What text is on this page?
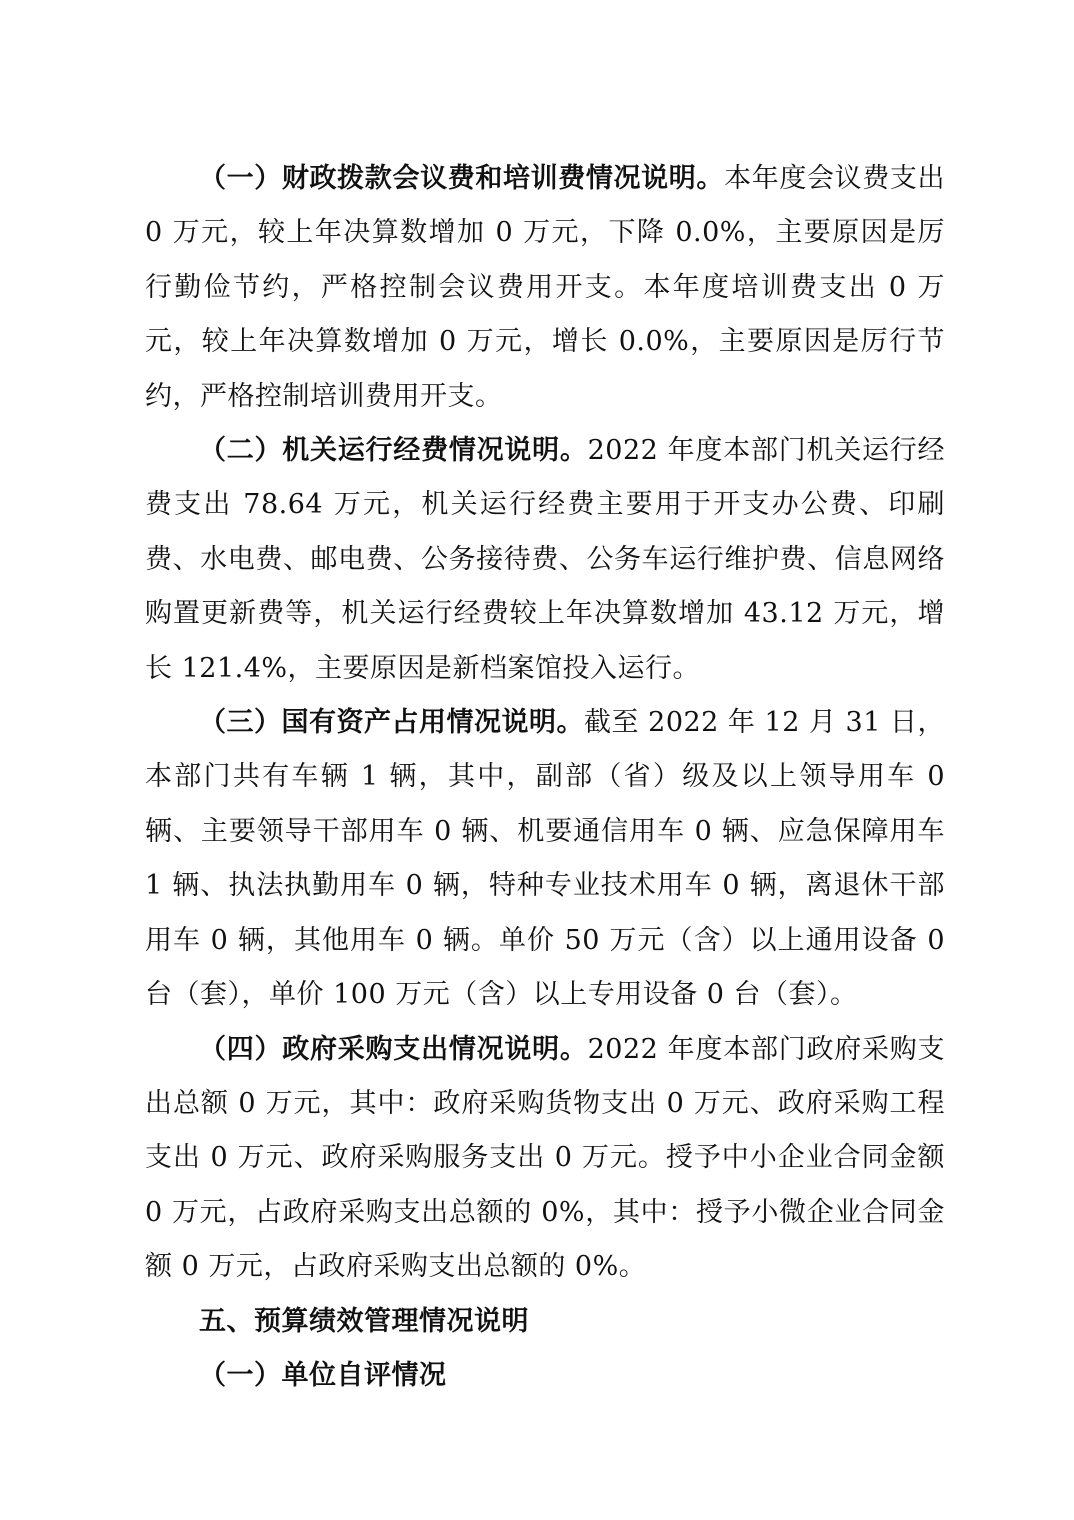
（一）财政拨款会议费和培训费情况说明。本年度会议费支出 0 万元，较上年决算数增加 0 万元，下降 0.0%，主要原因是厉行勤俭节约，严格控制会议费用开支。本年度培训费支出 0 万元，较上年决算数增加 0 万元，增长 0.0%，主要原因是厉行节约，严格控制培训费用开支。

（二）机关运行经费情况说明。2022 年度本部门机关运行经费支出 78.64 万元，机关运行经费主要用于开支办公费、印刷费、水电费、邮电费、公务接待费、公务车运行维护费、信息网络购置更新费等，机关运行经费较上年决算数增加 43.12 万元，增长 121.4%，主要原因是新档案馆投入运行。

（三）国有资产占用情况说明。截至 2022 年 12 月 31 日，本部门共有车辆 1 辆，其中，副部（省）级及以上领导用车 0 辆、主要领导干部用车 0 辆、机要通信用车 0 辆、应急保障用车 1 辆、执法执勤用车 0 辆，特种专业技术用车 0 辆，离退休干部用车 0 辆，其他用车 0 辆。单价 50 万元（含）以上通用设备 0 台（套），单价 100 万元（含）以上专用设备 0 台（套）。

（四）政府采购支出情况说明。2022 年度本部门政府采购支出总额 0 万元，其中：政府采购货物支出 0 万元、政府采购工程支出 0 万元、政府采购服务支出 0 万元。授予中小企业合同金额 0 万元，占政府采购支出总额的 0%，其中：授予小微企业合同金额 0 万元，占政府采购支出总额的 0%。

五、预算绩效管理情况说明

（一）单位自评情况
